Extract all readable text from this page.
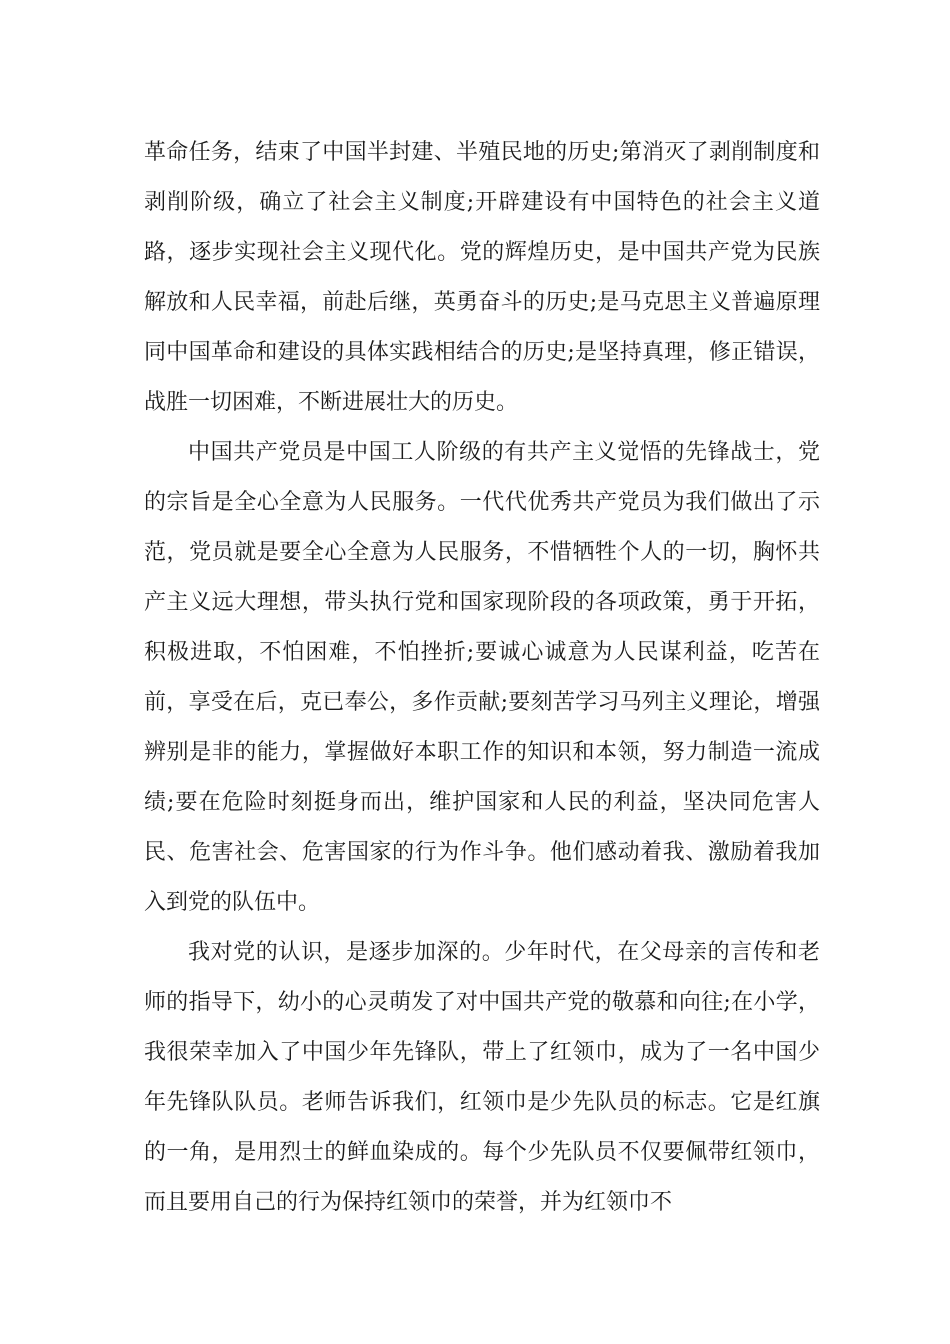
革命任务，结束了中国半封建、半殖民地的历史;第消灭了剥削制度和剥削阶级，确立了社会主义制度;开辟建设有中国特色的社会主义道路，逐步实现社会主义现代化。党的辉煌历史，是中国共产党为民族解放和人民幸福，前赴后继，英勇奋斗的历史;是马克思主义普遍原理同中国革命和建设的具体实践相结合的历史;是坚持真理，修正错误，战胜一切困难，不断进展壮大的历史。

中国共产党员是中国工人阶级的有共产主义觉悟的先锋战士，党的宗旨是全心全意为人民服务。一代代优秀共产党员为我们做出了示范，党员就是要全心全意为人民服务，不惜牺牲个人的一切，胸怀共产主义远大理想，带头执行党和国家现阶段的各项政策，勇于开拓，积极进取，不怕困难，不怕挫折;要诚心诚意为人民谋利益，吃苦在前，享受在后，克已奉公，多作贡献;要刻苦学习马列主义理论，增强辨别是非的能力，掌握做好本职工作的知识和本领，努力制造一流成绩;要在危险时刻挺身而出，维护国家和人民的利益，坚决同危害人民、危害社会、危害国家的行为作斗争。他们感动着我、激励着我加入到党的队伍中。

我对党的认识，是逐步加深的。少年时代，在父母亲的言传和老师的指导下，幼小的心灵萌发了对中国共产党的敬慕和向往;在小学，我很荣幸加入了中国少年先锋队，带上了红领巾，成为了一名中国少年先锋队队员。老师告诉我们，红领巾是少先队员的标志。它是红旗的一角，是用烈士的鲜血染成的。每个少先队员不仅要佩带红领巾，而且要用自己的行为保持红领巾的荣誉，并为红领巾不
